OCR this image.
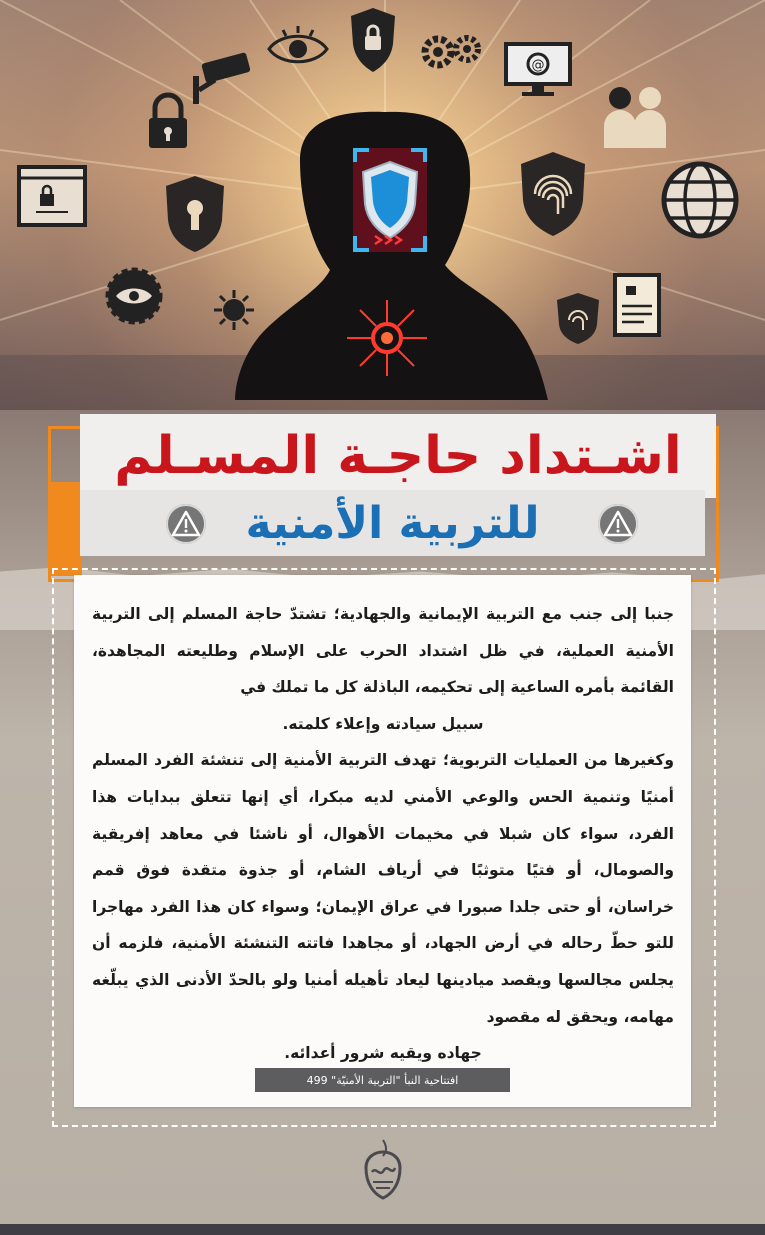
@
اشـتداد حاجـة المسـلم
للتربية الأمنية

جنبا إلى جنب مع التربية الإيمانية والجهادية؛ تشتدّ حاجة المسلم إلى التربية الأمنية العملية، في ظل اشتداد الحرب على الإسلام وطليعته المجاهدة، القائمة بأمره الساعية إلى تحكيمه، الباذلة كل ما تملك في

سبيل سيادته وإعلاء كلمته.

وكغيرها من العمليات التربوية؛ تهدف التربية الأمنية إلى تنشئة الفرد المسلم أمنيًا وتنمية الحس والوعي الأمني لديه مبكرا، أي إنها تتعلق ببدايات هذا الفرد، سواء كان شبلا في مخيمات الأهوال، أو ناشئا في معاهد إفريقية والصومال، أو فتيًا متوثبًا في أرياف الشام، أو جذوة متقدة فوق قمم خراسان، أو حتى جلدا صبورا في عراق الإيمان؛ وسواء كان هذا الفرد مهاجرا للتو حطّ رحاله في أرض الجهاد، أو مجاهدا فاتته التنشئة الأمنية، فلزمه أن يجلس مجالسها ويقصد ميادينها ليعاد تأهيله أمنيا ولو بالحدّ الأدنى الذي يبلّغه مهامه، ويحقق له مقصود

جهاده ويقيه شرور أعدائه.

افتتاحية النبأ "التربية الأمنيّة" 499
